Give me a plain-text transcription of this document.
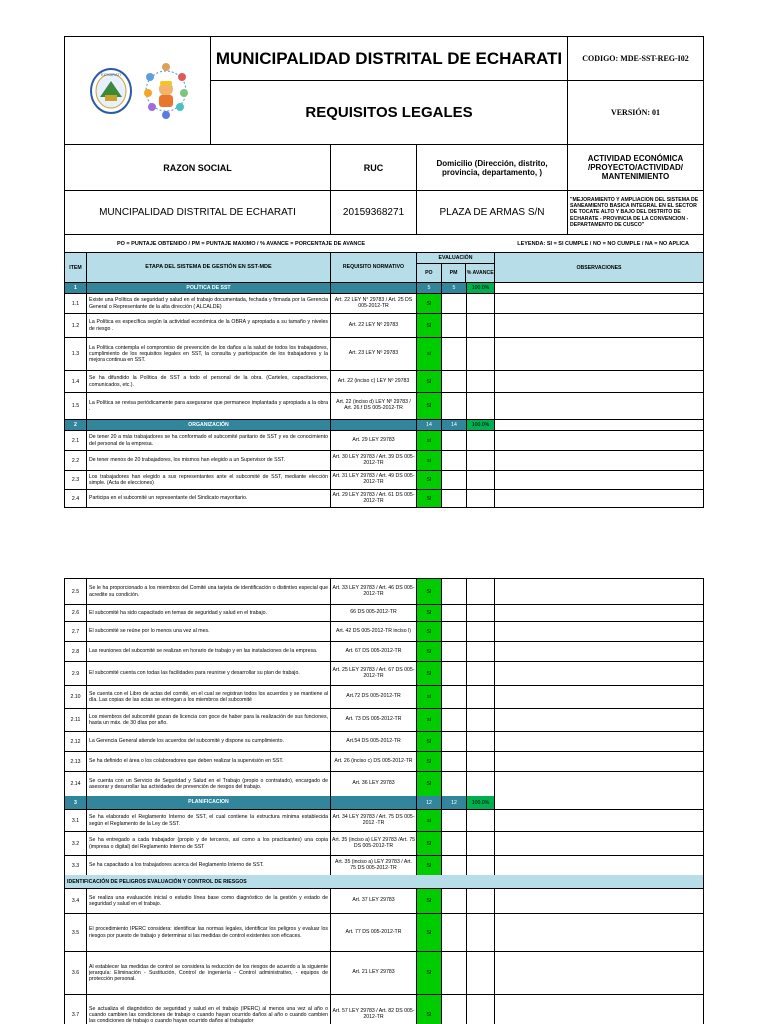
ECHARATI
MUNICIPALIDAD DISTRITAL DE ECHARATI
REQUISITOS LEGALES
CODIGO: MDE-SST-REG-I02
VERSIÓN: 01
RAZON SOCIAL	RUC	Domicilio (Dirección, distrito, provincia, departamento, )
ACTIVIDAD ECONÓMICA /PROYECTO/ACTIVIDAD/ MANTENIMIENTO
MUNCIPALIDAD DISTRITAL DE ECHARATI	20159368271	PLAZA DE ARMAS S/N
"MEJORAMIENTO Y AMPLIACION DEL SISTEMA DE SANEAMIENTO BASICA INTEGRAL EN EL SECTOR DE TOCATE ALTO Y BAJO DEL DISTRITO DE ECHARATE - PROVINCIA DE LA CONVENCION - DEPARTAMENTO DE CUSCO"
PO = PUNTAJE OBTENIDO / PM = PUNTAJE MAXIMO / % AVANCE = PORCENTAJE DE AVANCE	LEYENDA: SI = SI CUMPLE / NO = NO CUMPLE / NA = NO APLICA
ITEM	ETAPA DEL SISTEMA DE GESTIÓN EN SST-MDE	REQUISITO NORMATIVO
EVALUACIÓN
PO	PM	% AVANCE
OBSERVACIONES
1	POLÍTICA DE SST	5	5	100.0%
1.1
Existe una Política de seguridad y salud en el trabajo documentada, fechada y firmada por la Gerencia General o Representante de la alta dirección ( ALCALDE)
Art. 22 LEY N° 29783 / Art. 25 DS 005-2012-TR	SI
1.2
La Política es específica según la actividad económica de la OBRA y apropiada a su tamaño y niveles de riesgo .
Art. 22 LEY Nº 29783	SI
1.3
La Política contempla el compromiso de prevención de los daños a la salud de todos los trabajadores, cumplimiento de los requisitos legales en SST, la consulta y participación de los trabajadores y la mejora continua en SST.
Art. 23 LEY Nº 29783	si
1.4
Se ha difundido la Política de SST a todo el personal de la obra. (Carteles, capacitaciones, comunicados, etc.).
Art. 22 (inciso c) LEY Nº 29783	SI
1.5
La Política se revisa periódicamente para asegurarse que permanece implantada y apropiada a la obra .
Art. 22 (inciso d) LEY Nº 29783 / Art. 26.f DS 005-2012-TR	SI
2	ORGANIZACIÓN	14	14	100.0%
2.1
De tener 20 a más trabajadores se ha conformado el subcomité paritario de SST y es de conocimiento del personal de la empresa.
Art. 29 LEY 29783	si
2.2	De tener menos de 20 trabajadores, los mismos han elegido a un Supervisor de SST.
Art. 30 LEY 29783 / Art. 39 DS 005-2012-TR	si
2.3
Los trabajadores han elegido a sus representantes ante el subcomité de SST, mediante elección simple. (Acta de elecciones)
Art. 31 LEY 29783 / Art. 49 DS 005-2012-TR	SI
2.4	Participa en el subcomité un representante del Sindicato mayoritario.
Art. 29 LEY 29783 / Art. 61 DS 005-2012-TR	SI
2.5
Se le ha proporcionado a los miembros del Comité una tarjeta de identificación o distintivo especial que acredite su condición.
Art. 33 LEY 29783 / Art. 46 DS 005-2012-TR	SI
2.6	El subcomité ha sido capacitado en temas de seguridad y salud en el trabajo.	66 DS 005-2012-TR	SI
2.7	El subcomité se reúne por lo menos una vez al mes.	Art. 42 DS 005-2012-TR inciso l)	SI
2.8	Las reuniones del subcomité se realizan en horario de trabajo y en las instalaciones de la empresa.	Art. 67 DS 005-2012-TR	SI
2.9	El subcomité cuenta con todas las facilidades para reunirse y desarrollar su plan de trabajo.
Art. 25 LEY 29783 / Art. 67 DS 005-2012-TR	SI
2.10
Se cuenta con el Libro de actas del comité, en el cual se registran todos los acuerdos y se mantiene al día. Las copias de las actas se entregan a los miembros del subcomité
Art.72 DS 005-2012-TR	si
2.11
Los miembros del subcomité gozan de licencia con goce de haber para la realización de sus funciones, hasta un máx. de 30 días por año.
Art. 73 DS 005-2012-TR	si
2.12	La Gerencia General atiende los acuerdos del subcomité y dispone su cumplimiento.	Art.54 DS 005-2012-TR	SI
2.13	Se ha definido el área o los colaboradores que deben realizar la supervisión en SST.	Art. 26 (inciso c) DS 005-2012-TR	SI
2.14
Se cuenta con un Servicio de Seguridad y Salud en el Trabajo (propio o contratado), encargado de asesorar y desarrollar las actividades de prevención de riesgos del trabajo.
Art. 36 LEY 29783	SI
3	PLANIFICACION	12	12	100.0%
3.1
Se ha elaborado el Reglamento Interno de SST, el cual contiene la estructura mínima establecida según el Reglamento de la Ley de SST.
Art. 34 LEY 29783 / Art. 75 DS 005- 2012 -TR	si
3.2
Se ha entregado a cada trabajador (propio y de terceros, así como a los practicantes) una copia (impresa o digital) del Reglamento Interno de SST
Art. 35 (inciso a) LEY 29783 /Art. 75 DS 005-2012-TR	SI
3.3	Se ha capacitado a los trabajadores acerca del Reglamento Interno de SST.
Art. 35 (inciso a) LEY 29783 / Art. 75 DS 005-2012-TR	SI
IDENTIFICACIÓN DE PELIGROS EVALUACIÓN Y CONTROL DE RIESGOS
3.4
Se realiza una evaluación inicial o estudio línea base como diagnóstico de la gestión y estado de seguridad y salud en el trabajo.
Art. 37 LEY 29783	SI
3.5
El procedimiento IPERC considera: identificar las normas legales, identificar los peligros y evaluar los riesgos por puesto de trabajo y determinar si las medidas de control existentes son eficaces.
Art. 77 DS 005-2012-TR	SI
3.6
Al establecer las medidas de control se considera la reducción de los riesgos de acuerdo a la siguiente jerarquía: Eliminación - Sustitución, Control de ingeniería - Control administrativo, - equipos de protección personal.
Art. 21 LEY 29783	SI
3.7
Se actualiza el diagnóstico de seguridad y salud en el trabajo (IPERC) al menos una vez al año o cuando cambien las condiciones de trabajo o cuando hayan ocurrido daños al año o cuando cambien las condiciones de trabajo o cuando hayan ocurrido daños al trabajador
Art. 57 LEY 29783 / Art. 82 DS 005-2012-TR	SI
